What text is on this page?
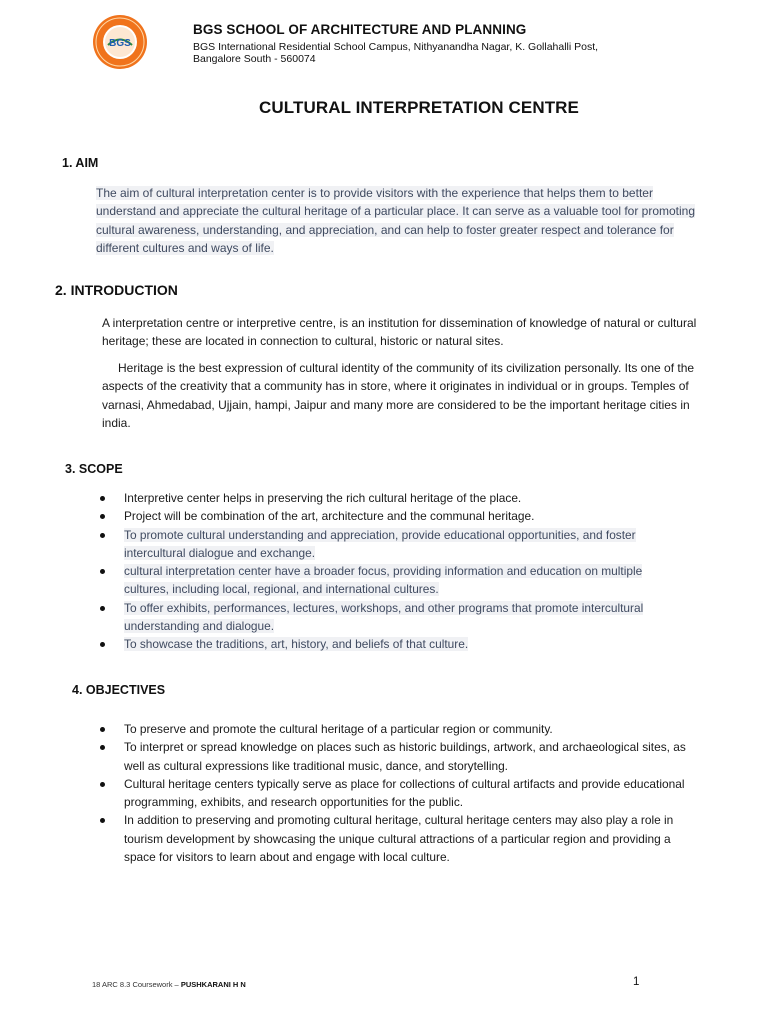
BGS
BGS SCHOOL OF ARCHITECTURE AND PLANNING
BGS International Residential School Campus, Nithyanandha Nagar, K. Gollahalli Post,
Bangalore South - 560074
CULTURAL INTERPRETATION CENTRE
1. AIM

The aim of cultural interpretation center is to provide visitors with the experience that helps them to better understand and appreciate the cultural heritage of a particular place. It can serve as a valuable tool for promoting cultural awareness, understanding, and appreciation, and can help to foster greater respect and tolerance for different cultures and ways of life.

2. INTRODUCTION

A interpretation centre or interpretive centre, is an institution for dissemination of knowledge of natural or cultural heritage; these are located in connection to cultural, historic or natural sites.

Heritage is the best expression of cultural identity of the community of its civilization personally. Its one of the aspects of the creativity that a community has in store, where it originates in individual or in groups. Temples of varnasi, Ahmedabad, Ujjain, hampi, Jaipur and many more are considered to be the important heritage cities in india.

3. SCOPE
Interpretive center helps in preserving the rich cultural heritage of the place.
Project will be combination of the art, architecture and the communal heritage.
To promote cultural understanding and appreciation, provide educational opportunities, and foster intercultural dialogue and exchange.
cultural interpretation center have a broader focus, providing information and education on multiple cultures, including local, regional, and international cultures.
To offer exhibits, performances, lectures, workshops, and other programs that promote intercultural understanding and dialogue.
To showcase the traditions, art, history, and beliefs of that culture.
4. OBJECTIVES
To preserve and promote the cultural heritage of a particular region or community.
To interpret or spread knowledge on places such as historic buildings, artwork, and archaeological sites, as well as cultural expressions like traditional music, dance, and storytelling.
Cultural heritage centers typically serve as place for collections of cultural artifacts and provide educational programming, exhibits, and research opportunities for the public.
In addition to preserving and promoting cultural heritage, cultural heritage centers may also play a role in tourism development by showcasing the unique cultural attractions of a particular region and providing a space for visitors to learn about and engage with local culture.
18 ARC 8.3 Coursework – PUSHKARANI H N	1
